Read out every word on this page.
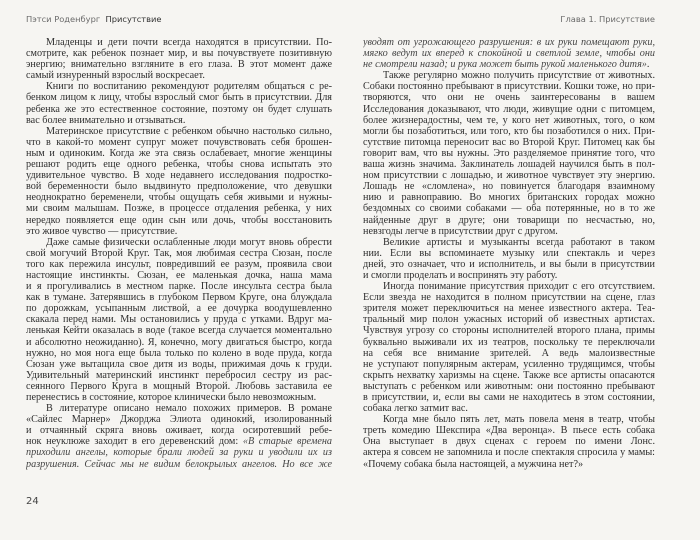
Пэтси Роденбург Присутствие
Младенцы и дети почти всегда находятся в присутствии. По-
смотрите, как ребенок познает мир, и вы почувствуете позитивную
энергию; внимательно взгляните в его глаза. В этот момент даже
самый изнуренный взрослый воскресает.
Книги по воспитанию рекомендуют родителям общаться с ре-
бенком лицом к лицу, чтобы взрослый смог быть в присутствии. Для
ребенка же это естественное состояние, поэтому он будет слушать
вас более внимательно и отзываться.
Материнское присутствие с ребенком обычно настолько сильно,
что в какой-то момент супруг может почувствовать себя брошен-
ным и одиноким. Когда же эта связь ослабевает, многие женщины
решают родить еще одного ребенка, чтобы снова испытать это
удивительное чувство. В ходе недавнего исследования подростко-
вой беременности было выдвинуто предположение, что девушки
неоднократно беременели, чтобы ощущать себя живыми и нужны-
ми своим малышам. Позже, в процессе отдаления ребенка, у них
нередко появляется еще один сын или дочь, чтобы восстановить
это живое чувство — присутствие.
Даже самые физически ослабленные люди могут вновь обрести
свой могучий Второй Круг. Так, моя любимая сестра Сюзан, после
того как пережила инсульт, повредивший ее разум, проявила свои
настоящие инстинкты. Сюзан, ее маленькая дочка, наша мама
и я прогуливались в местном парке. После инсульта сестра была
как в тумане. Затерявшись в глубоком Первом Круге, она блуждала
по дорожкам, усыпанным листвой, а ее дочурка воодушевленно
скакала перед нами. Мы остановились у пруда с утками. Вдруг ма-
ленькая Кейти оказалась в воде (такое всегда случается моментально
и абсолютно неожиданно). Я, конечно, могу двигаться быстро, когда
нужно, но моя нога еще была только по колено в воде пруда, когда
Сюзан уже вытащила свое дитя из воды, прижимая дочь к груди.
Удивительный материнский инстинкт перебросил сестру из рас-
сеянного Первого Круга в мощный Второй. Любовь заставила ее
перенестись в состояние, которое клинически было невозможным.
В литературе описано немало похожих примеров. В романе
«Сайлес Марнер» Джорджа Элиота одинокий, изолированный
и отчаянный скряга вновь оживает, когда осиротевший ребе-
нок неуклюже заходит в его деревенский дом: «В старые времена
приходили ангелы, которые брали людей за руки и уводили их из
разрушения. Сейчас мы не видим белокрылых ангелов. Но все же
24
Глава 1. Присутствие
уводят от угрожающего разрушения: в их руки помещают руки,
мягко ведут их вперед к спокойной и светлой земле, чтобы они
не смотрели назад; и рука может быть рукой маленького дитя».
Также регулярно можно получить присутствие от животных.
Собаки постоянно пребывают в присутствии. Кошки тоже, но при-
творяются, что они не очень заинтересованы в вашем
Исследования доказывают, что люди, живущие одни с питомцем,
более жизнерадостны, чем те, у кого нет животных, того, о ком
могли бы позаботиться, или того, кто бы позаботился о них. При-
сутствие питомца переносит вас во Второй Круг. Питомец как бы
говорит вам, что вы нужны. Это разделяемое принятие того, что
ваша жизнь значима. Заклинатель лошадей научился быть в пол-
ном присутствии с лошадью, и животное чувствует эту энергию.
Лошадь не «сломлена», но повинуется благодаря взаимному
нию и равноправию. Во многих британских городах можно
бездомных со своими собаками — оба потерянные, но в то же
найденные друг в друге; они товарищи по несчастью, но,
невзгоды легче в присутствии друг с другом.
Великие артисты и музыканты всегда работают в таком
нии. Если вы вспоминаете музыку или спектакль и через
дней, это означает, что и исполнитель, и вы были в присутствии
и смогли проделать и воспринять эту работу.
Иногда понимание присутствия приходит с его отсутствием.
Если звезда не находится в полном присутствии на сцене, глаз
зрителя может переключиться на менее известного актера. Теа-
тральный мир полон ужасных историй об известных артистах.
Чувствуя угрозу со стороны исполнителей второго плана, примы
буквально выживали их из театров, поскольку те переключали
на себя все внимание зрителей. А ведь малоизвестные
не уступают популярным актерам, усиленно трудящимся, чтобы
скрыть нехватку харизмы на сцене. Также все артисты опасаются
выступать с ребенком или животным: они постоянно пребывают
в присутствии, и, если вы сами не находитесь в этом состоянии,
собака легко затмит вас.
Когда мне было пять лет, мать повела меня в театр, чтобы
треть комедию Шекспира «Два веронца». В пьесе есть собака
Она выступает в двух сценах с героем по имени Лонс.
актера я совсем не запомнила и после спектакля спросила у мамы:
«Почему собака была настоящей, а мужчина нет?»
